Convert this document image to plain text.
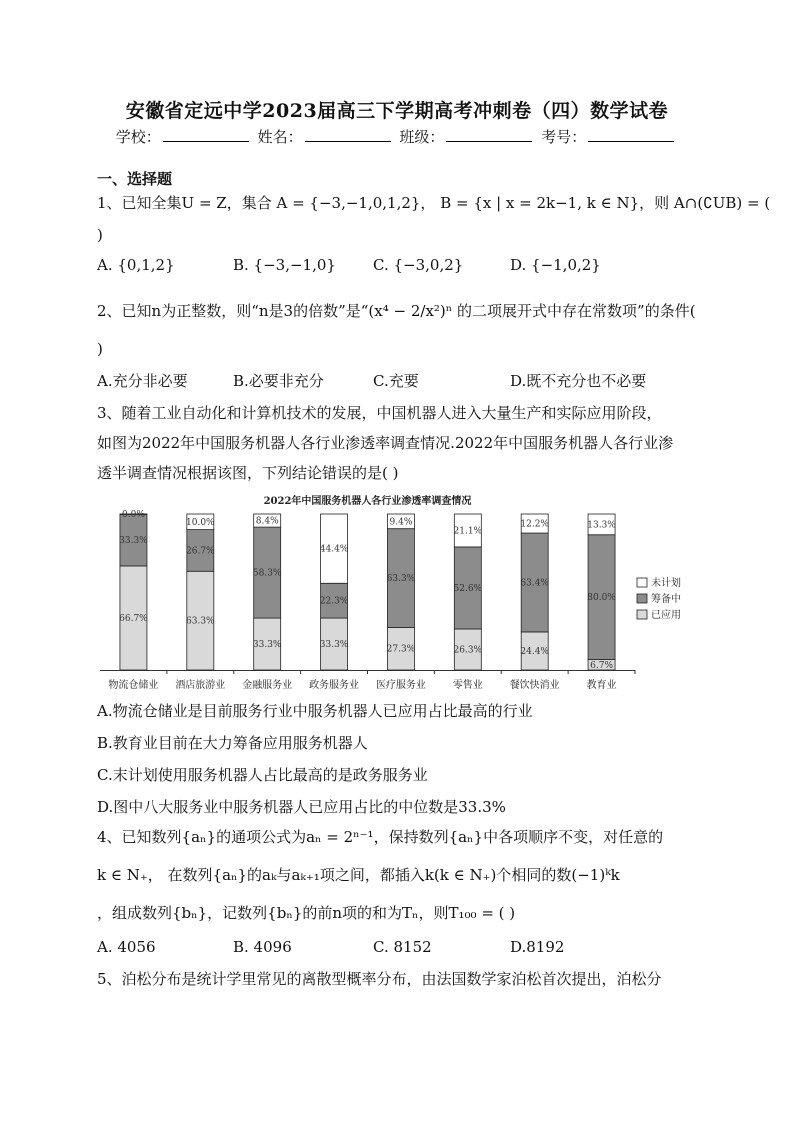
安徽省定远中学2023届高三下学期高考冲刺卷（四）数学试卷
学校：	姓名：	班级：	考号：
一、选择题
1、已知全集U = Z，集合 A = {−3,−1,0,1,2}， B = {x | x = 2k−1, k ∈ N}，则 A∩(∁UB) = (
)
A. {0,1,2}	B. {−3,−1,0} C. {−3,0,2}	D. {−1,0,2}
2、已知n为正整数，则“n是3的倍数”是“(x⁴ − 2/x²)ⁿ 的二项展开式中存在常数项”的条件(
)
A.充分非必要	B.必要非充分	C.充要	D.既不充分也不必要
3、随着工业自动化和计算机技术的发展，中国机器人进入大量生产和实际应用阶段，
如图为2022年中国服务机器人各行业渗透率调查情况.2022年中国服务机器人各行业渗
透半调查情况根据该图，下列结论错误的是( )
2022年中国服务机器人各行业渗透率调查情况
66.7%
33.3%
0.0%
物流仓储业
63.3%
26.7%
10.0%
酒店旅游业
33.3%
58.3%
8.4%
金融服务业
33.3%
22.3%
44.4%
政务服务业
27.3%
63.3%
9.4%
医疗服务业
26.3%
52.6%
21.1%
零售业
24.4%
63.4%
12.2%
餐饮快消业
6.7%
80.0%
13.3%
教育业
未计划
筹备中
已应用
A.物流仓储业是目前服务行业中服务机器人已应用占比最高的行业
B.教育业目前在大力筹备应用服务机器人
C.末计划使用服务机器人占比最高的是政务服务业
D.图中八大服务业中服务机器人已应用占比的中位数是33.3%
4、已知数列{aₙ}的通项公式为aₙ = 2ⁿ⁻¹，保持数列{aₙ}中各项顺序不变，对任意的
k ∈ N₊， 在数列{aₙ}的aₖ与aₖ₊₁项之间，都插入k(k ∈ N₊)个相同的数(−1)ᵏk
，组成数列{bₙ}，记数列{bₙ}的前n项的和为Tₙ，则T₁₀₀ = ( )
A. 4056	B. 4096	C. 8152	D.8192
5、泊松分布是统计学里常见的离散型概率分布，由法国数学家泊松首次提出，泊松分
